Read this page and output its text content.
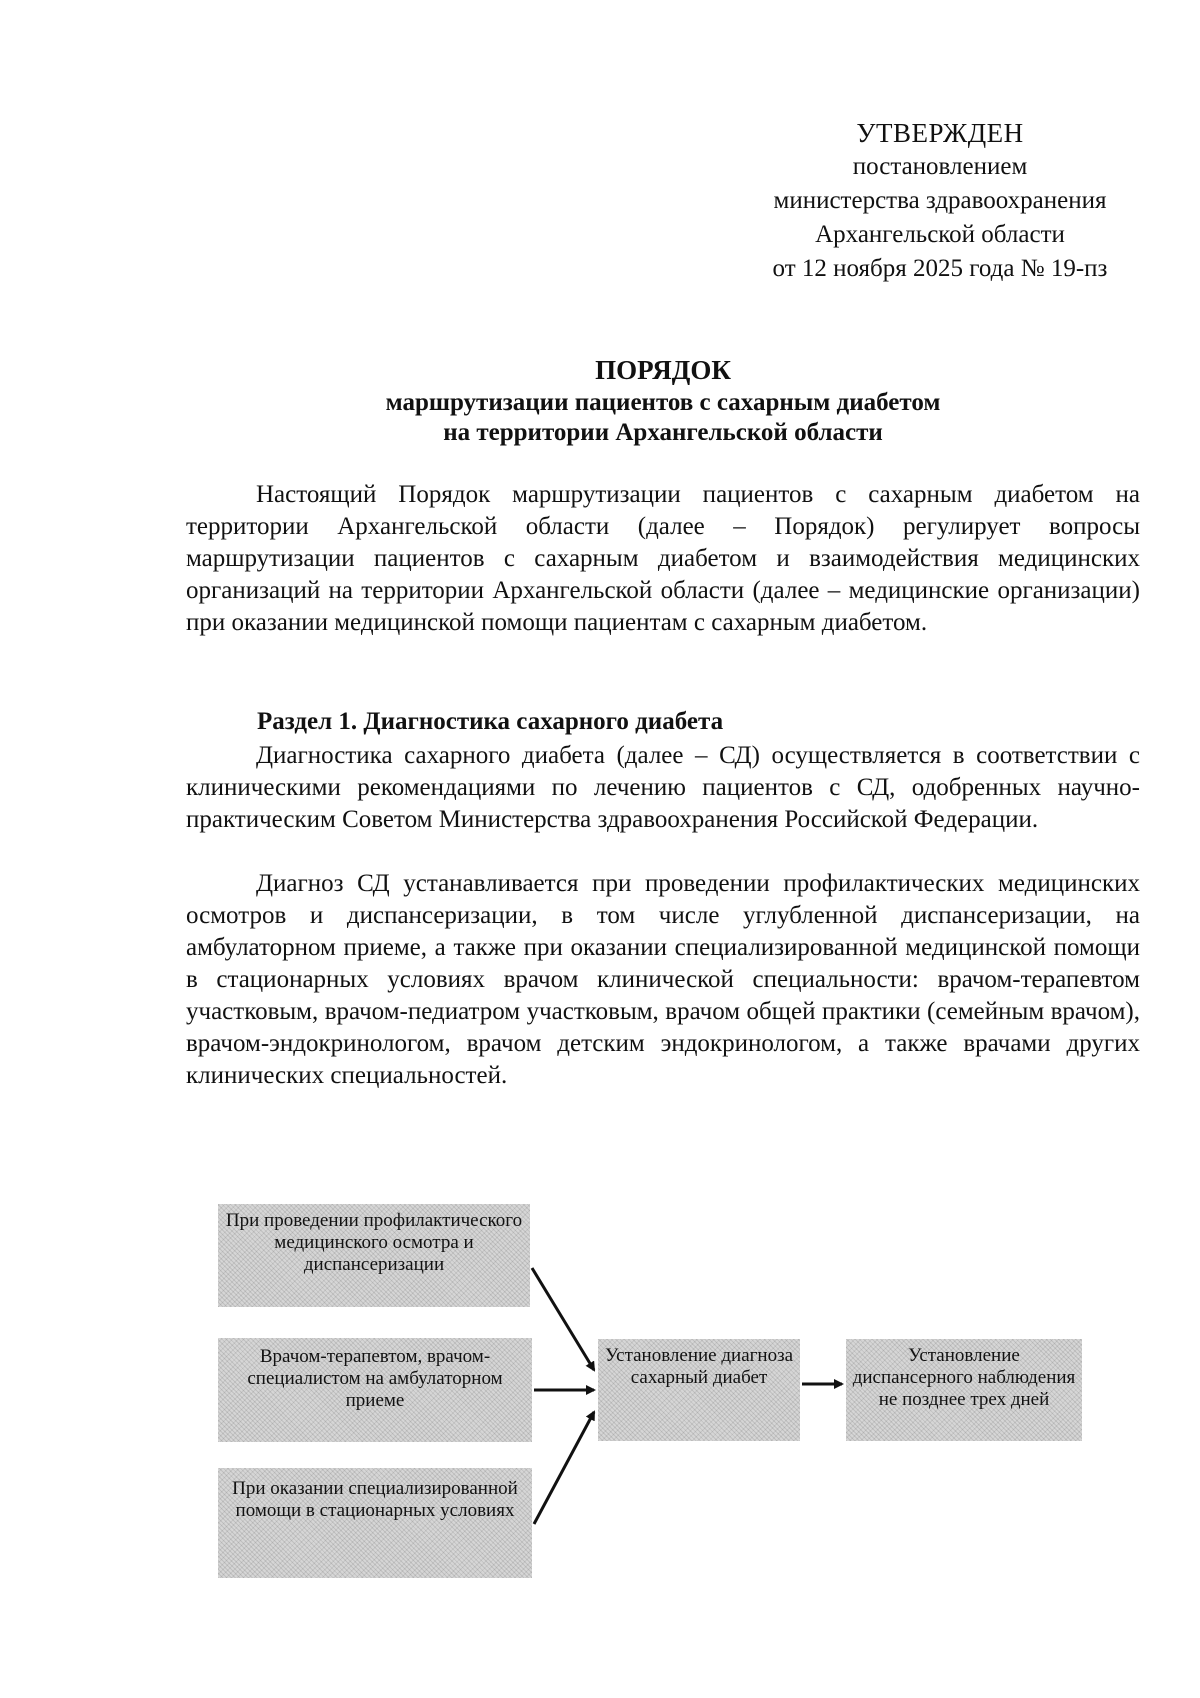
УТВЕРЖДЕН
постановлением
министерства здравоохранения
Архангельской области
от 12 ноября 2025 года № 19-пз
ПОРЯДОК
маршрутизации пациентов с сахарным диабетом
на территории Архангельской области
Настоящий Порядок маршрутизации пациентов с сахарным диабетом на территории Архангельской области (далее – Порядок) регулирует вопросы маршрутизации пациентов с сахарным диабетом и взаимодействия медицинских организаций на территории Архангельской области (далее – медицинские организации) при оказании медицинской помощи пациентам с сахарным диабетом.
Раздел 1. Диагностика сахарного диабета
Диагностика сахарного диабета (далее – СД) осуществляется в соответствии с клиническими рекомендациями по лечению пациентов с СД, одобренных научно-практическим Советом Министерства здравоохранения Российской Федерации.
Диагноз СД устанавливается при проведении профилактических медицинских осмотров и диспансеризации, в том числе углубленной диспансеризации, на амбулаторном приеме, а также при оказании специализированной медицинской помощи в стационарных условиях врачом клинической специальности: врачом-терапевтом участковым, врачом-педиатром участковым, врачом общей практики (семейным врачом), врачом-эндокринологом, врачом детским эндокринологом, а также врачами других клинических специальностей.
При проведении профилактического медицинского осмотра и диспансеризации
Врачом-терапевтом, врачом-специалистом на амбулаторном приеме
При оказании специализированной помощи в стационарных условиях
Установление диагноза сахарный диабет
Установление диспансерного наблюдения не позднее трех дней
